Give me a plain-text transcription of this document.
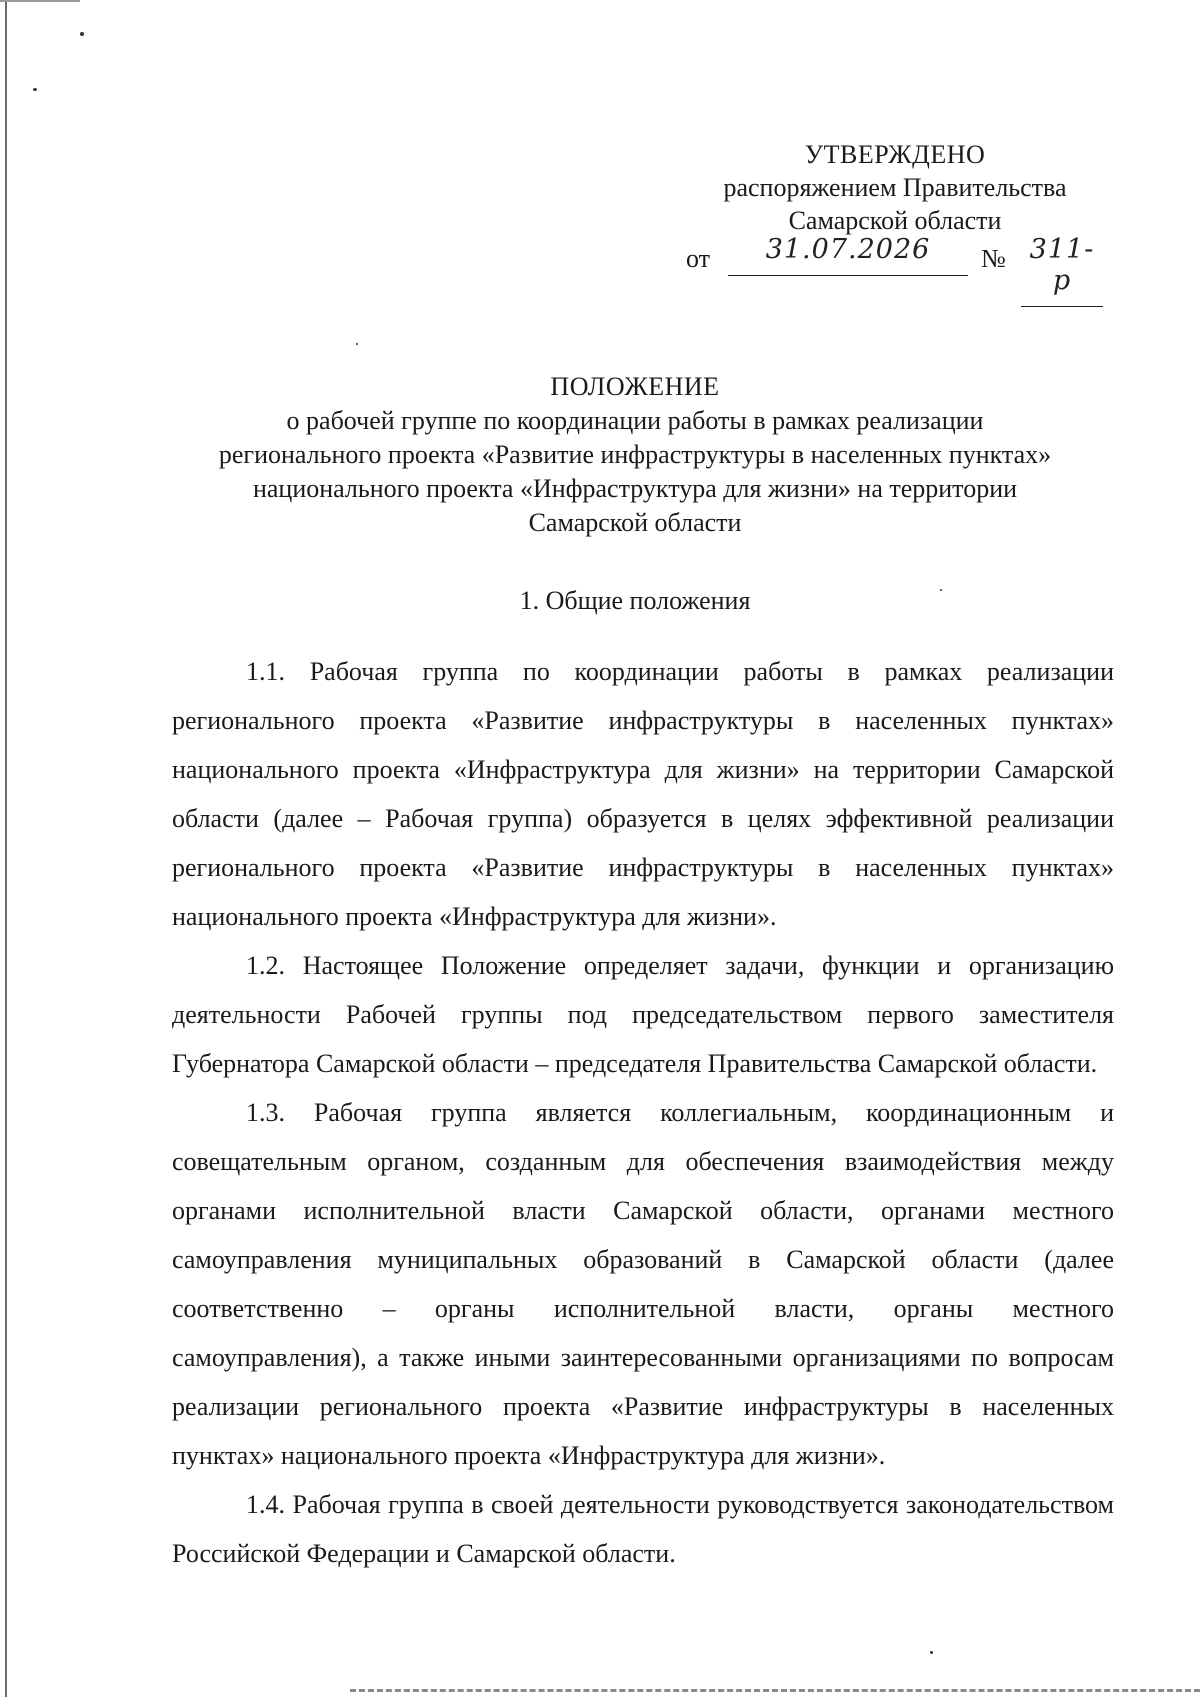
УТВЕРЖДЕНО
распоряжением Правительства
Самарской области
от	31.07.2026	№ 311-р
ПОЛОЖЕНИЕ
о рабочей группе по координации работы в рамках реализации
регионального проекта «Развитие инфраструктуры в населенных пунктах»
национального проекта «Инфраструктура для жизни» на территории
Самарской области
1. Общие положения

1.1. Рабочая группа по координации работы в рамках реализации регионального проекта «Развитие инфраструктуры в населенных пунктах» национального проекта «Инфраструктура для жизни» на территории Самарской области (далее – Рабочая группа) образуется в целях эффективной реализации регионального проекта «Развитие инфраструктуры в населенных пунктах» национального проекта «Инфраструктура для жизни».

1.2. Настоящее Положение определяет задачи, функции и организацию деятельности Рабочей группы под председательством первого заместителя Губернатора Самарской области – председателя Правительства Самарской области.

1.3. Рабочая группа является коллегиальным, координационным и совещательным органом, созданным для обеспечения взаимодействия между органами исполнительной власти Самарской области, органами местного самоуправления муниципальных образований в Самарской области (далее соответственно – органы исполнительной власти, органы местного самоуправления), а также иными заинтересованными организациями по вопросам реализации регионального проекта «Развитие инфраструктуры в населенных пунктах» национального проекта «Инфраструктура для жизни».

1.4. Рабочая группа в своей деятельности руководствуется законодательством Российской Федерации и Самарской области.
